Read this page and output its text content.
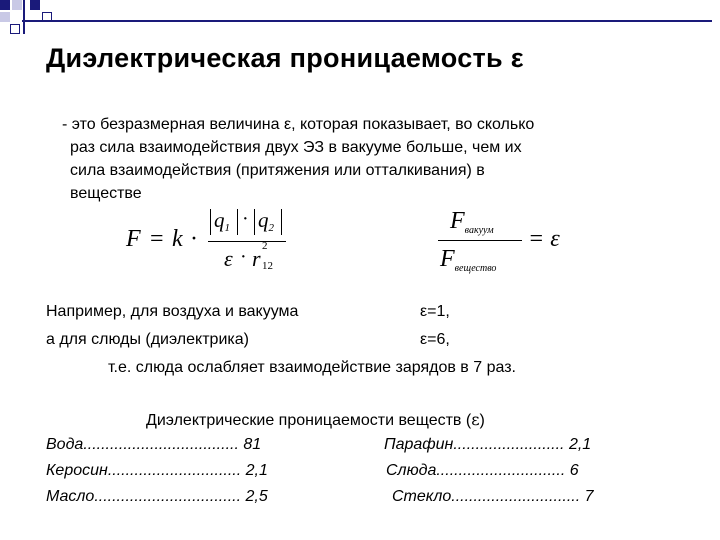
Диэлектрическая проницаемость ε
- это безразмерная величина ε, которая показывает, во сколько
раз сила взаимодействия двух ЭЗ в вакууме больше, чем их
сила взаимодействия (притяжения или отталкивания) в
веществе
F = k ·
q1 · q2
ε · r 2
12
$F_{вакуум}$
$F_{вещество}$
= ε
Например, для воздуха и вакуума	ε=1,
а для слюды (диэлектрика)	ε=6,
т.е. слюда ослабляет взаимодействие зарядов в 7 раз.
Диэлектрические проницаемости веществ (ε)
Вода................................... 81	Парафин......................... 2,1
Керосин.............................. 2,1	Слюда............................. 6
Масло................................. 2,5	Стекло............................. 7
